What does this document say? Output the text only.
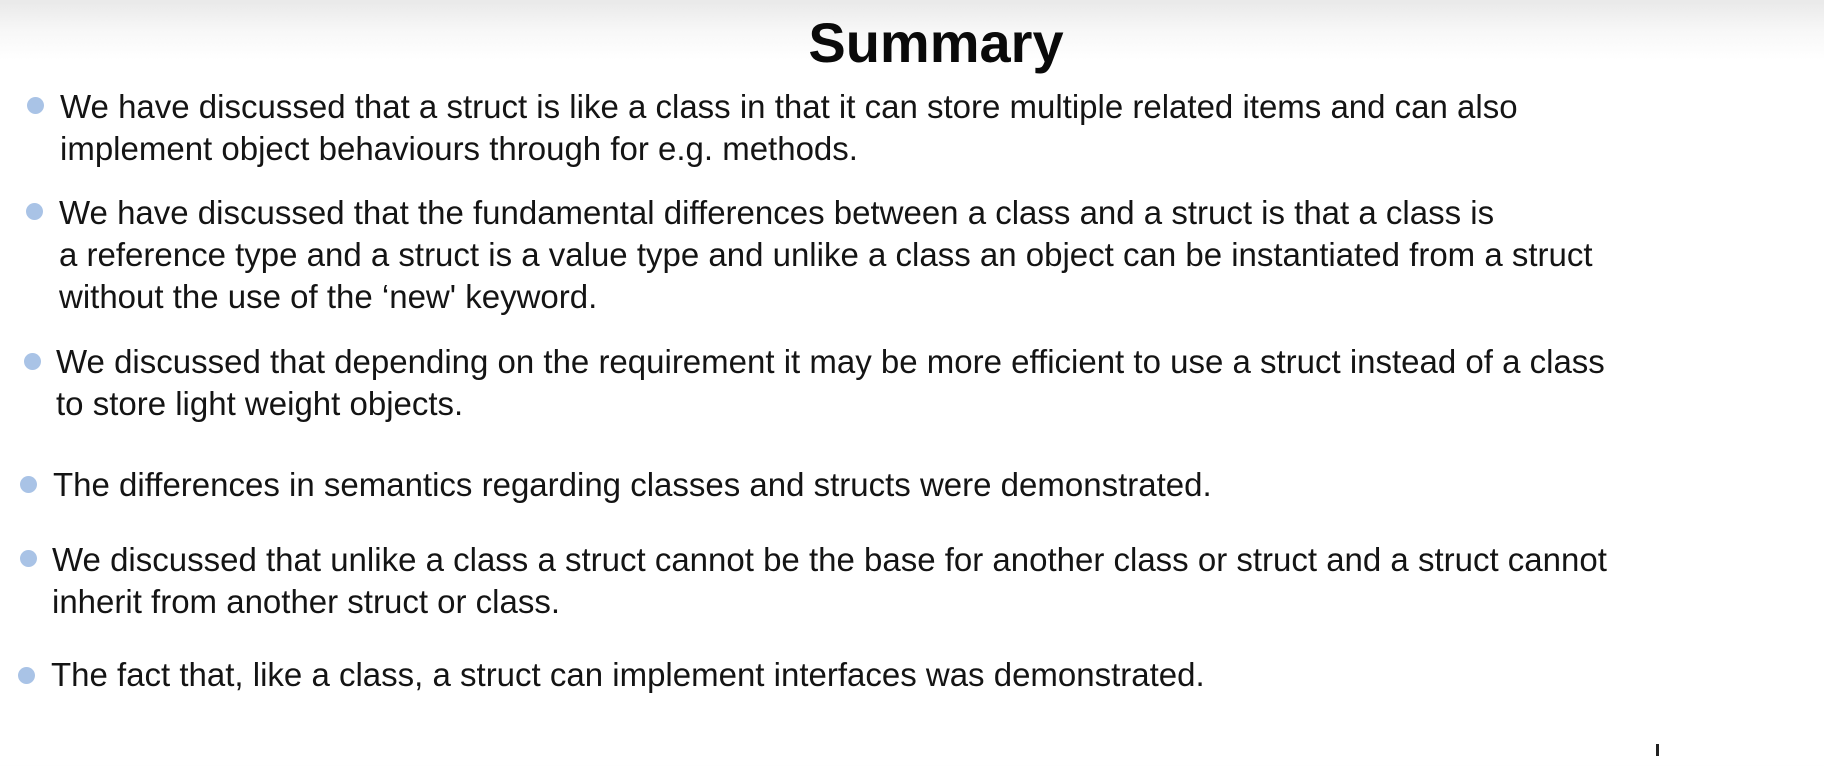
Summary
We have discussed that a struct is like a class in that it can store multiple related items and can also
implement object behaviours through for e.g. methods.
We have discussed that the fundamental differences between a class and a struct is that a class is
a reference type and a struct is a value type and unlike a class an object can be instantiated from a struct
without the use of the ‘new' keyword.
We discussed that depending on the requirement it may be more efficient to use a struct instead of a class
to store light weight objects.
The differences in semantics regarding classes and structs were demonstrated.
We discussed that unlike a class a struct cannot be the base for another class or struct and a struct cannot
inherit from another struct or class.
The fact that, like a class, a struct can implement interfaces was demonstrated.
